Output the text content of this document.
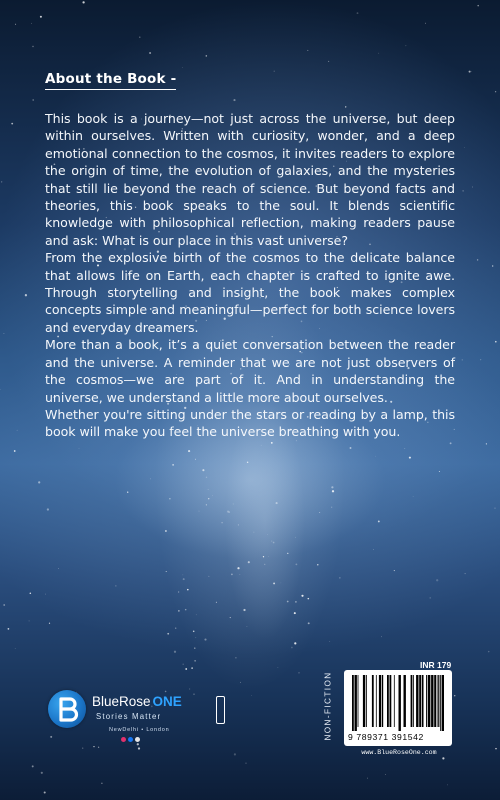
About the Book -

This book is a journey—not just across the universe, but deep within ourselves. Written with curiosity, wonder, and a deep emotional connection to the cosmos, it invites readers to explore the origin of time, the evolution of galaxies, and the mysteries that still lie beyond the reach of science. But beyond facts and theories, this book speaks to the soul. It blends scientific knowledge with philosophical reflection, making readers pause and ask: What is our place in this vast universe?

From the explosive birth of the cosmos to the delicate balance that allows life on Earth, each chapter is crafted to ignite awe. Through storytelling and insight, the book makes complex concepts simple and meaningful—perfect for both science lovers and everyday dreamers.

More than a book, it’s a quiet conversation between the reader and the universe. A reminder that we are not just observers of the cosmos—we are part of it. And in understanding the universe, we understand a little more about ourselves.

Whether you're sitting under the stars or reading by a lamp, this book will make you feel the universe breathing with you.

BlueRose ONE
Stories Matter
NewDelhi • London	NON-FICTION
INR 179
9 789371 391542
www.BlueRoseOne.com
